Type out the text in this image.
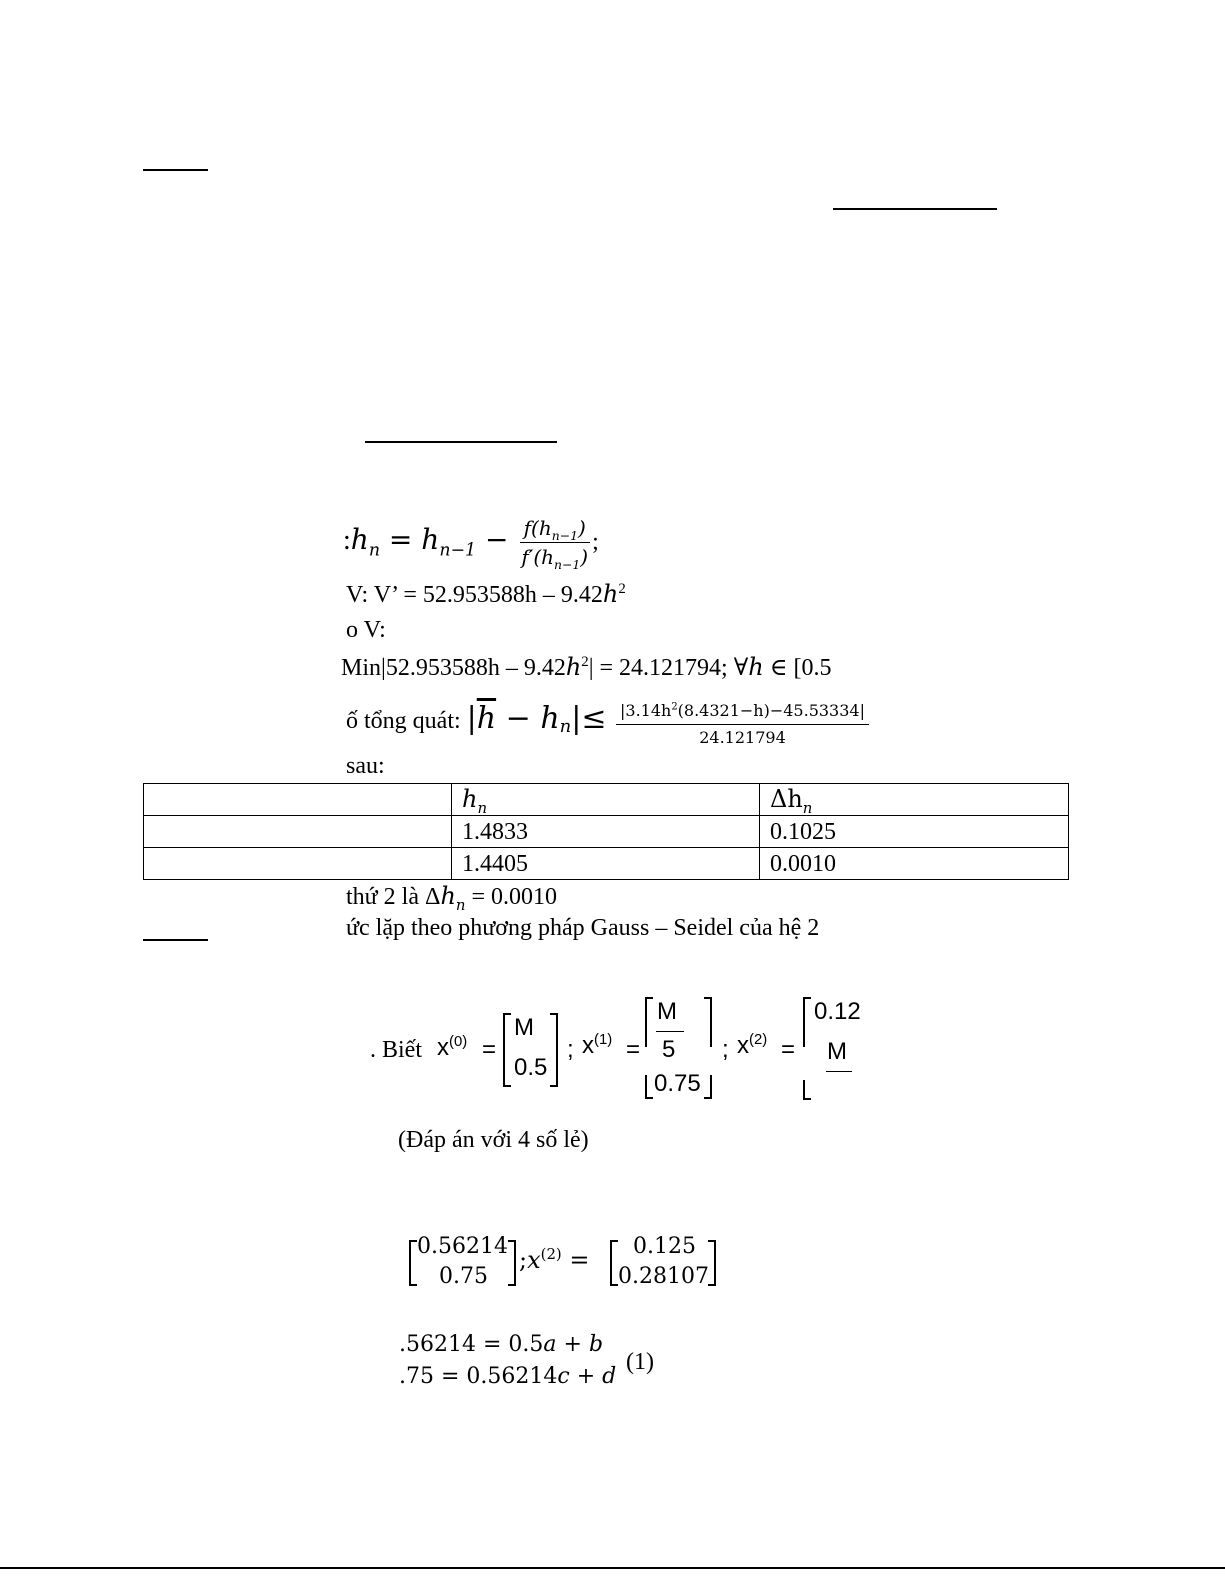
$:h_n = h_{n-1} - \frac{f(h_{n-1})}{f'(h_{n-1})}$ ;
V: V’ = $52.953588h - 9.42h^2$
o V:
$Min|52.953588h - 9.42h^2| = 24.121794$; ∀h ∈ [0.5
ố tổng quát: $|\overline{h} - h_n|\le \frac{|3.14h^2(8.4321-h)-45.53334|}{24.121794}$
sau:
	$h_n$	$\Delta h_n$
	1.4833	0.1025
	1.4405	0.0010
thứ 2 là $\Delta h_n = 0.0010$
ức lặp theo phương pháp Gauss – Seidel của hệ 2
. Biết $x^{(0)}$ =
M
0.5
; $x^{(1)}$ =
M
5
0.75
; $x^{(2)}$ =
0.12
M
(Đáp án với 4 số lẻ)
0.56214
0.75
$;x^{(2)} = 0.125$
0.28107
.56214 = 0.5a + b
.75 = 0.56214c + d
(1)
